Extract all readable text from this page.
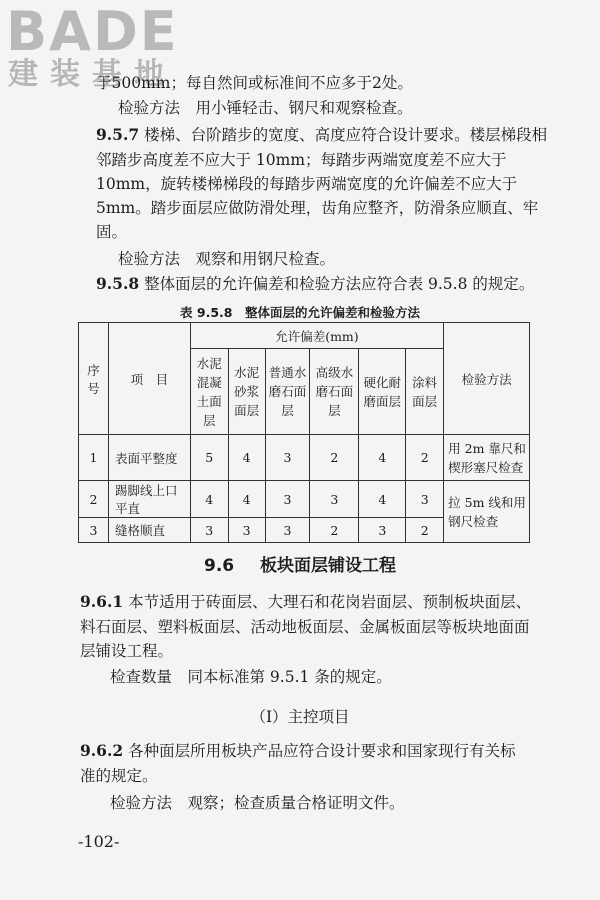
BADE
建装基地

于500mm；每自然间或标准间不应多于2处。

检验方法　用小锤轻击、钢尺和观察检查。

9.5.7 楼梯、台阶踏步的宽度、高度应符合设计要求。楼层梯段相

邻踏步高度差不应大于 10mm；每踏步两端宽度差不应大于

10mm，旋转楼梯梯段的每踏步两端宽度的允许偏差不应大于

5mm。踏步面层应做防滑处理，齿角应整齐，防滑条应顺直、牢

固。

检验方法　观察和用钢尺检查。

9.5.8 整体面层的允许偏差和检验方法应符合表 9.5.8 的规定。

表 9.5.8　整体面层的允许偏差和检验方法
序
号	项　目	允许偏差(mm)						检验方法
		水泥
混凝
土面
层	水泥
砂浆
面层	普通水
磨石面
层	高级水
磨石面
层	硬化耐
磨面层	涂料
面层	
1	表面平整度	5	4	3	2	4	2	用 2m 靠尺和
楔形塞尺检查
2	踢脚线上口平直	4	4	3	3	4	3	拉 5m 线和用
钢尺检查
3	缝格顺直	3	3	3	2	3	2	
9.6 板块面层铺设工程

9.6.1 本节适用于砖面层、大理石和花岗岩面层、预制板块面层、

料石面层、塑料板面层、活动地板面层、金属板面层等板块地面面

层铺设工程。

检查数量　同本标准第 9.5.1 条的规定。

（Ⅰ）主控项目

9.6.2 各种面层所用板块产品应符合设计要求和国家现行有关标

准的规定。

检验方法　观察；检查质量合格证明文件。

-102-
